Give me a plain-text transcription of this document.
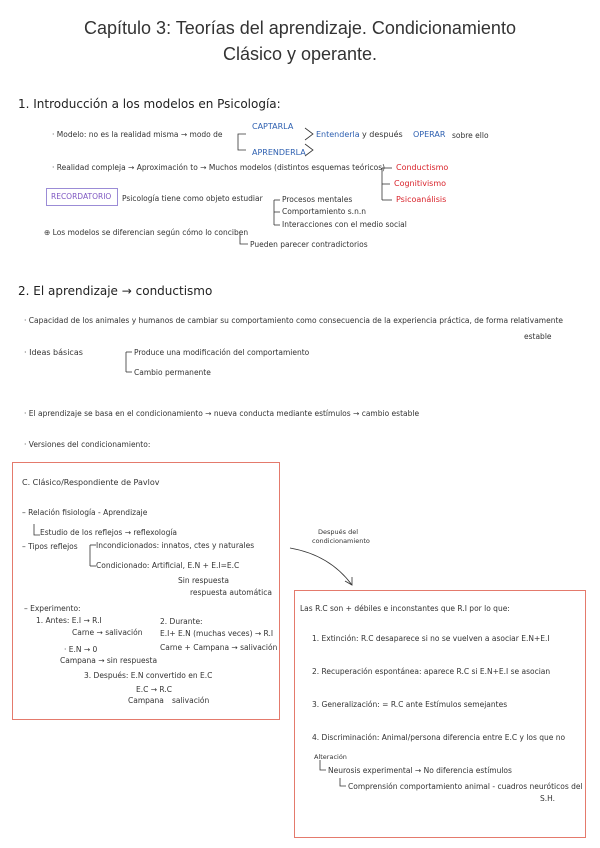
Capítulo 3: Teorías del aprendizaje. Condicionamiento
Clásico y operante.
1. Introducción a los modelos en Psicología:
· Modelo: no es la realidad misma → modo de
CAPTARLA
APRENDERLA
Entenderla y después OPERAR sobre ello
· Realidad compleja → Aproximación to → Muchos modelos (distintos esquemas teóricos) Conductismo
Cognitivismo
Psicoanálisis
RECORDATORIO Psicología tiene como objeto estudiar	Procesos mentales
Comportamiento s.n.n
Interacciones con el medio social
⊕ Los modelos se diferencian según cómo lo conciben
Pueden parecer contradictorios
2. El aprendizaje → conductismo
· Capacidad de los animales y humanos de cambiar su comportamiento como consecuencia de la experiencia práctica, de forma relativamente
estable
· Ideas básicas	Produce una modificación del comportamiento
Cambio permanente
· El aprendizaje se basa en el condicionamiento → nueva conducta mediante estímulos → cambio estable
· Versiones del condicionamiento:
C. Clásico/Respondiente de Pavlov
– Relación fisiología - Aprendizaje
Estudio de los reflejos → reflexología
– Tipos reflejos Incondicionados: innatos, ctes y naturales
Condicionado: Artificial, E.N + E.I=E.C
Sin respuesta
respuesta automática
– Experimento:
1. Antes: E.I → R.I
Carne → salivación
· E.N → 0
Campana → sin respuesta
2. Durante:
E.I+ E.N (muchas veces) → R.I
Carne + Campana → salivación
3. Después: E.N convertido en E.C
E.C → R.C
Campana salivación
Después del
condicionamiento
Las R.C son + débiles e inconstantes que R.I por lo que:
1. Extinción: R.C desaparece si no se vuelven a asociar E.N+E.I
2. Recuperación espontánea: aparece R.C si E.N+E.I se asocian
3. Generalización: = R.C ante Estímulos semejantes
4. Discriminación: Animal/persona diferencia entre E.C y los que no
Alteración
Neurosis experimental → No diferencia estímulos
Comprensión comportamiento animal - cuadros neuróticos del
S.H.
